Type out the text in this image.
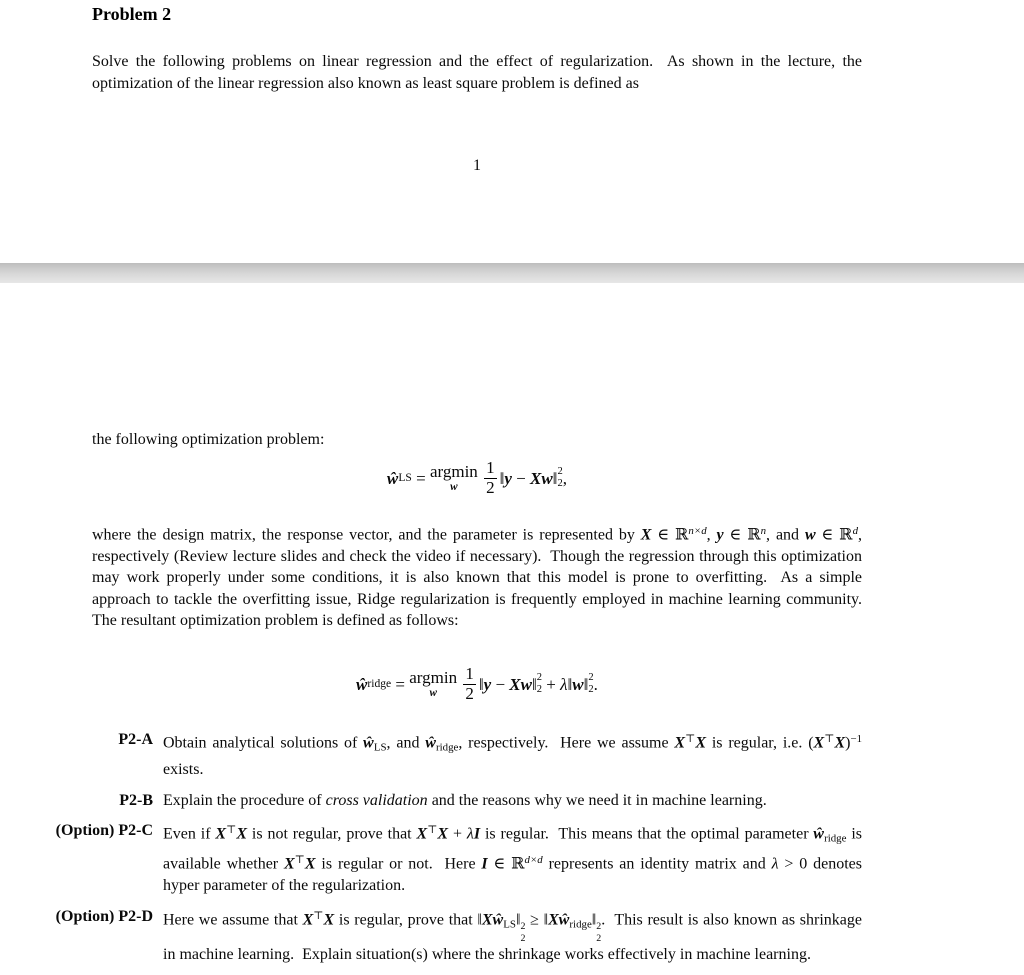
Problem 2

Solve the following problems on linear regression and the effect of regularization.  As shown in the lecture, the optimization of the linear regression also known as least square problem is defined as

1

the following optimization problem:

ŵ LS = argmin
w
$\frac{1}{2}$ ‖ y − Xw ‖ 2
2 ,

where the design matrix, the response vector, and the parameter is represented by X ∈ ℝ$^{n\times d}$, y ∈ ℝ$^n$, and w ∈ ℝ$^d$, respectively (Review lecture slides and check the video if necessary).  Though the regression through this optimization may work properly under some conditions, it is also known that this model is prone to overfitting.  As a simple approach to tackle the overfitting issue, Ridge regularization is frequently employed in machine learning community.  The resultant optimization problem is defined as follows:

ŵ ridge = argmin
w
$\frac{1}{2}$ ‖ y − Xw ‖ 2
2 + λ ‖ w ‖ 2
2 .
P2-A Obtain analytical solutions of $ŵ_{LS}$, and $ŵ_{ridge}$, respectively.  Here we assume X⊤X is regular, i.e. $(X^⊤X)^{-1}$ exists.
P2-B Explain the procedure of cross validation and the reasons why we need it in machine learning.
(Option) P2-C Even if X⊤X is not regular, prove that X⊤X + λI is regular.  This means that the optimal parameter $ŵ_{ridge}$ is available whether X⊤X is regular or not.  Here I ∈ ℝ$^{d\times d}$ represents an identity matrix and λ > 0 denotes hyper parameter of the regularization.
(Option) P2-D Here we assume that X⊤X is regular, prove that $‖Xŵ_{LS}‖$ 2
2
≥ $‖Xŵ_{ridge}‖$ 2
2
.  This result is also known as shrinkage in machine learning.  Explain situation(s) where the shrinkage works effectively in machine learning.
